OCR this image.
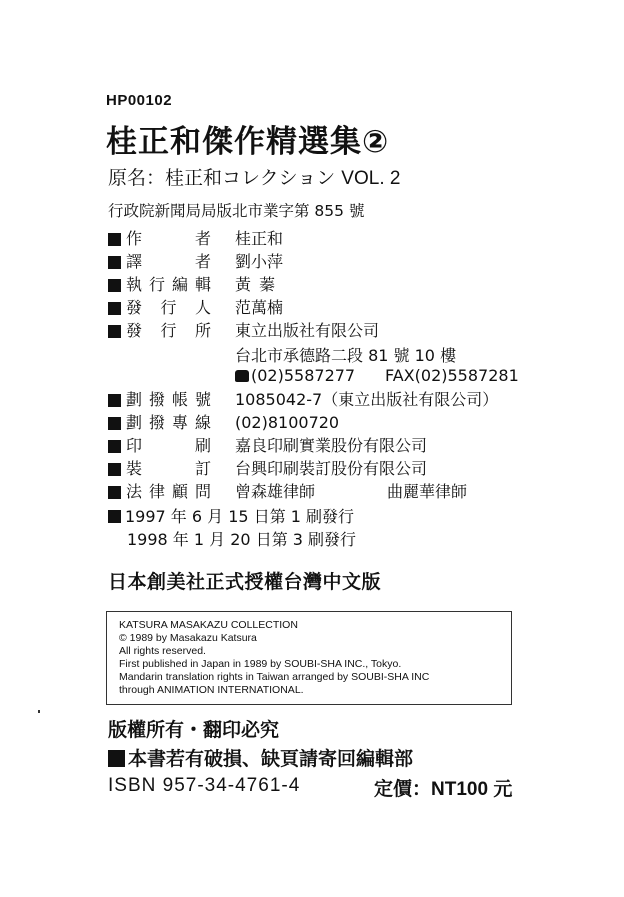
HP00102
桂正和傑作精選集②
原名：桂正和コレクション VOL. 2
行政院新聞局局版北市業字第 855 號
作	者 桂正和
譯	者 劉小萍
執 行 編 輯 黃蓁
發 行 人 范萬楠
發 行 所 東立出版社有限公司
台北市承德路二段 81 號 10 樓
(02)5587277 FAX(02)5587281
劃 撥 帳 號 1085042-7（東立出版社有限公司）
劃 撥 專 線 (02)8100720
印	刷 嘉良印刷實業股份有限公司
裝	訂 台興印刷裝訂股份有限公司
法 律 顧 問 曾森雄律師	曲麗華律師
1997 年 6 月 15 日第 1 刷發行
1998 年 1 月 20 日第 3 刷發行
日本創美社正式授權台灣中文版
KATSURA MASAKAZU COLLECTION
© 1989 by Masakazu Katsura
All rights reserved.
First published in Japan in 1989 by SOUBI-SHA INC., Tokyo.
Mandarin translation rights in Taiwan arranged by SOUBI-SHA INC
through ANIMATION INTERNATIONAL.
版權所有・翻印必究
本書若有破損、缺頁請寄回編輯部
ISBN 957-34-4761-4	定價：NT100 元
